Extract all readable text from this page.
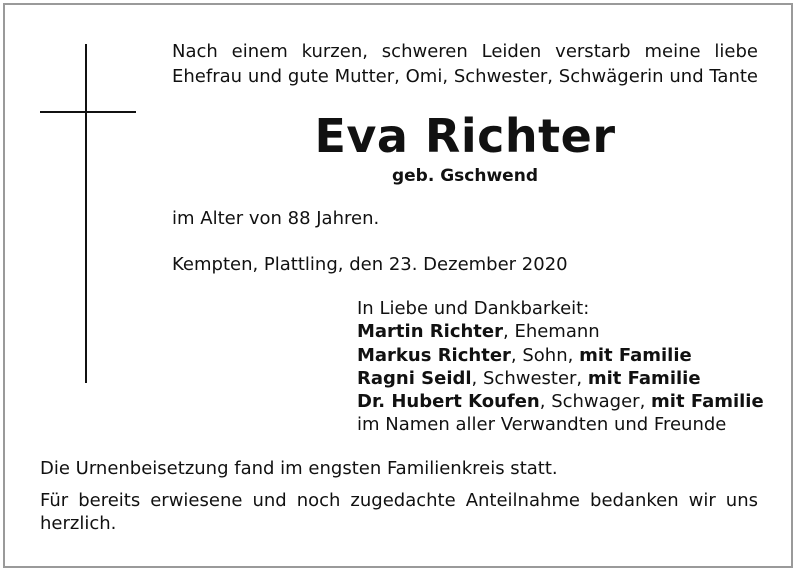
Nach einem kurzen, schweren Leiden verstarb meine liebe
Ehefrau und gute Mutter, Omi, Schwester, Schwägerin und Tante
Eva Richter
geb. Gschwend
im Alter von 88 Jahren.
Kempten, Plattling, den 23. Dezember 2020
In Liebe und Dankbarkeit:
Martin Richter, Ehemann
Markus Richter, Sohn, mit Familie
Ragni Seidl, Schwester, mit Familie
Dr. Hubert Koufen, Schwager, mit Familie
im Namen aller Verwandten und Freunde
Die Urnenbeisetzung fand im engsten Familienkreis statt.
Für bereits erwiesene und noch zugedachte Anteilnahme bedanken wir uns
herzlich.
